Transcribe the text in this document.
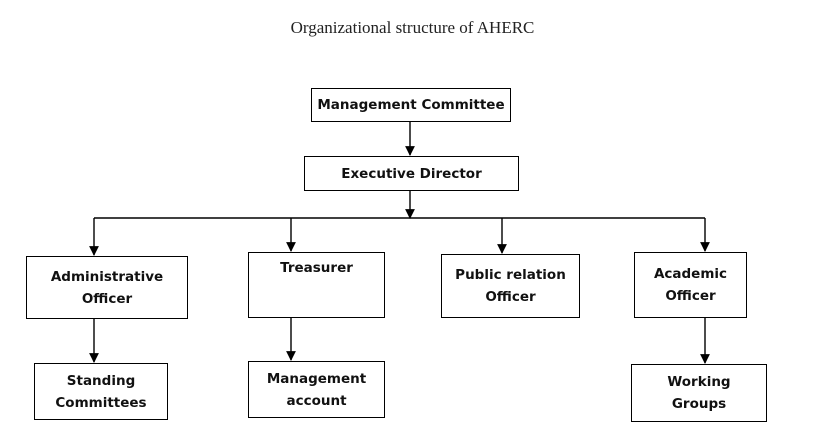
Organizational structure of AHERC
Management Committee
Executive Director
Administrative
Officer
Treasurer	Public relation
Officer
Academic
Officer
Standing
Committees
Management
account
Working
Groups
